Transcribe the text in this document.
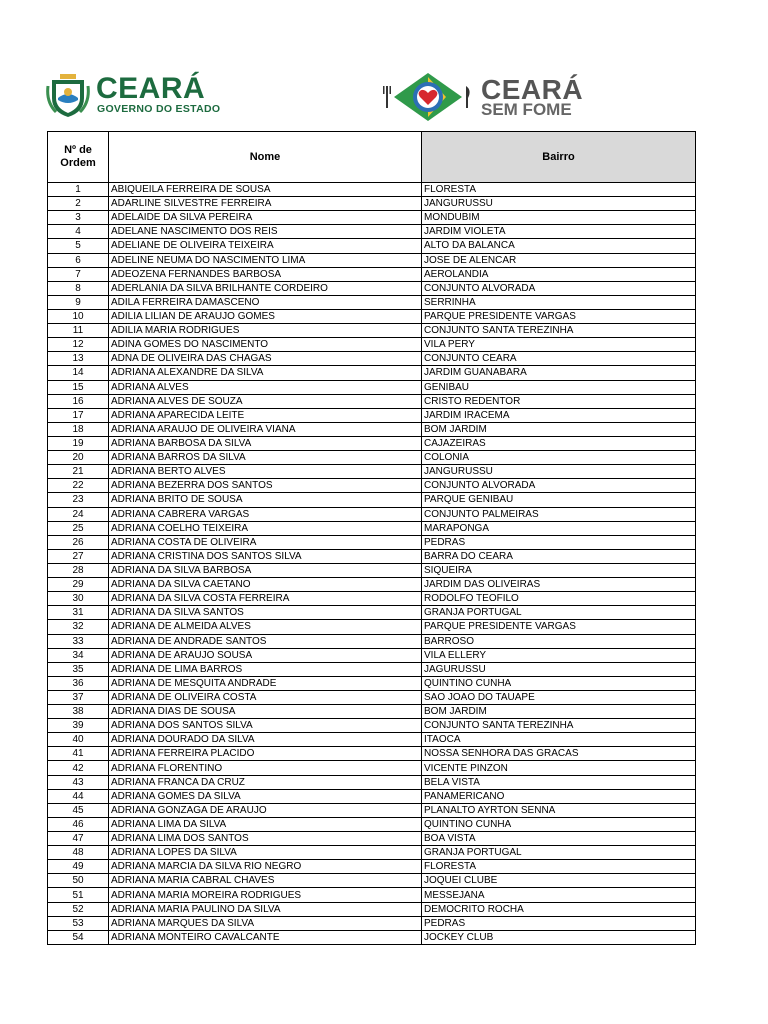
CEARÁ
GOVERNO DO ESTADO
CEARÁ
SEM FOME
Nº de
Ordem	Nome	Bairro
1	ABIQUEILA FERREIRA DE SOUSA	FLORESTA
2	ADARLINE SILVESTRE FERREIRA	JANGURUSSU
3	ADELAIDE DA SILVA PEREIRA	MONDUBIM
4	ADELANE NASCIMENTO DOS REIS	JARDIM VIOLETA
5	ADELIANE DE OLIVEIRA TEIXEIRA	ALTO DA BALANCA
6	ADELINE NEUMA DO NASCIMENTO LIMA	JOSE DE ALENCAR
7	ADEOZENA FERNANDES BARBOSA	AEROLANDIA
8	ADERLANIA DA SILVA BRILHANTE CORDEIRO	CONJUNTO ALVORADA
9	ADILA FERREIRA DAMASCENO	SERRINHA
10	ADILIA LILIAN DE ARAUJO GOMES	PARQUE PRESIDENTE VARGAS
11	ADILIA MARIA RODRIGUES	CONJUNTO SANTA TEREZINHA
12	ADINA GOMES DO NASCIMENTO	VILA PERY
13	ADNA DE OLIVEIRA DAS CHAGAS	CONJUNTO CEARA
14	ADRIANA ALEXANDRE DA SILVA	JARDIM GUANABARA
15	ADRIANA ALVES	GENIBAU
16	ADRIANA ALVES DE SOUZA	CRISTO REDENTOR
17	ADRIANA APARECIDA LEITE	JARDIM IRACEMA
18	ADRIANA ARAUJO DE OLIVEIRA VIANA	BOM JARDIM
19	ADRIANA BARBOSA DA SILVA	CAJAZEIRAS
20	ADRIANA BARROS DA SILVA	COLONIA
21	ADRIANA BERTO ALVES	JANGURUSSU
22	ADRIANA BEZERRA DOS SANTOS	CONJUNTO ALVORADA
23	ADRIANA BRITO DE SOUSA	PARQUE GENIBAU
24	ADRIANA CABRERA VARGAS	CONJUNTO PALMEIRAS
25	ADRIANA COELHO TEIXEIRA	MARAPONGA
26	ADRIANA COSTA DE OLIVEIRA	PEDRAS
27	ADRIANA CRISTINA DOS SANTOS SILVA	BARRA DO CEARA
28	ADRIANA DA SILVA BARBOSA	SIQUEIRA
29	ADRIANA DA SILVA CAETANO	JARDIM DAS OLIVEIRAS
30	ADRIANA DA SILVA COSTA FERREIRA	RODOLFO TEOFILO
31	ADRIANA DA SILVA SANTOS	GRANJA PORTUGAL
32	ADRIANA DE ALMEIDA ALVES	PARQUE PRESIDENTE VARGAS
33	ADRIANA DE ANDRADE SANTOS	BARROSO
34	ADRIANA DE ARAUJO SOUSA	VILA ELLERY
35	ADRIANA DE LIMA BARROS	JAGURUSSU
36	ADRIANA DE MESQUITA ANDRADE	QUINTINO CUNHA
37	ADRIANA DE OLIVEIRA COSTA	SAO JOAO DO TAUAPE
38	ADRIANA DIAS DE SOUSA	BOM JARDIM
39	ADRIANA DOS SANTOS SILVA	CONJUNTO SANTA TEREZINHA
40	ADRIANA DOURADO DA SILVA	ITAOCA
41	ADRIANA FERREIRA PLACIDO	NOSSA SENHORA DAS GRACAS
42	ADRIANA FLORENTINO	VICENTE PINZON
43	ADRIANA FRANCA DA CRUZ	BELA VISTA
44	ADRIANA GOMES DA SILVA	PANAMERICANO
45	ADRIANA GONZAGA DE ARAUJO	PLANALTO AYRTON SENNA
46	ADRIANA LIMA DA SILVA	QUINTINO CUNHA
47	ADRIANA LIMA DOS SANTOS	BOA VISTA
48	ADRIANA LOPES DA SILVA	GRANJA PORTUGAL
49	ADRIANA MARCIA DA SILVA RIO NEGRO	FLORESTA
50	ADRIANA MARIA CABRAL CHAVES	JOQUEI CLUBE
51	ADRIANA MARIA MOREIRA RODRIGUES	MESSEJANA
52	ADRIANA MARIA PAULINO DA SILVA	DEMOCRITO ROCHA
53	ADRIANA MARQUES DA SILVA	PEDRAS
54	ADRIANA MONTEIRO CAVALCANTE	JOCKEY CLUB
